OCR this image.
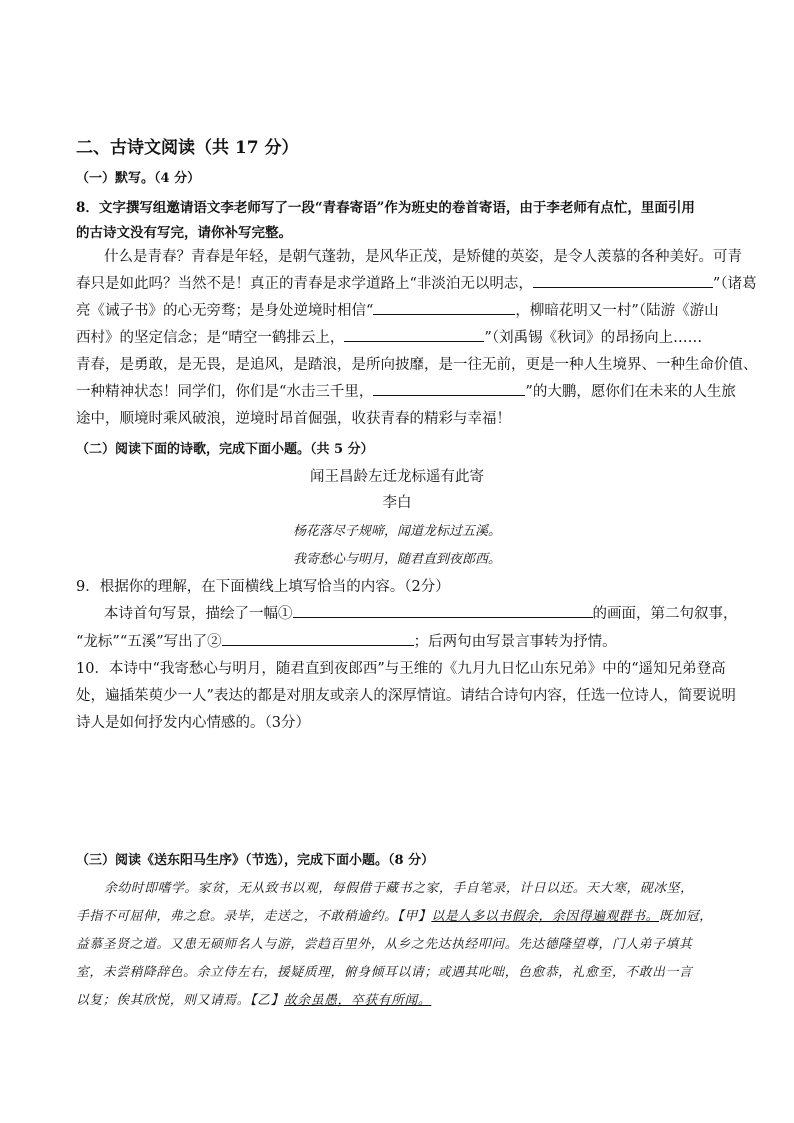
二、古诗文阅读（共 17 分）
（一）默写。（4 分）
8．文字撰写组邀请语文李老师写了一段“青春寄语”作为班史的卷首寄语，由于李老师有点忙，里面引用
的古诗文没有写完，请你补写完整。
什么是青春？青春是年轻，是朝气蓬勃，是风华正茂，是矫健的英姿，是令人羡慕的各种美好。可青
春只是如此吗？当然不是！真正的青春是求学道路上“非淡泊无以明志，	”（诸葛
亮《诫子书》的心无旁骛；是身处逆境时相信“	，柳暗花明又一村”（陆游《游山
西村》的坚定信念；是“晴空一鹤排云上，	”（刘禹锡《秋词》的昂扬向上……
青春，是勇敢，是无畏，是追风，是踏浪，是所向披靡，是一往无前，更是一种人生境界、一种生命价值、
一种精神状态！同学们，你们是“水击三千里，	”的大鹏，愿你们在未来的人生旅
途中，顺境时乘风破浪，逆境时昂首倔强，收获青春的精彩与幸福！
（二）阅读下面的诗歌，完成下面小题。（共 5 分）
闻王昌龄左迁龙标遥有此寄
李白
杨花落尽子规啼，闻道龙标过五溪。
我寄愁心与明月，随君直到夜郎西。
9．根据你的理解，在下面横线上填写恰当的内容。（2分）
本诗首句写景，描绘了一幅①	的画面，第二句叙事，
“龙标”“五溪”写出了②	；后两句由写景言事转为抒情。
10．本诗中“我寄愁心与明月，随君直到夜郎西”与王维的《九月九日忆山东兄弟》中的“遥知兄弟登高
处，遍插茱萸少一人”表达的都是对朋友或亲人的深厚情谊。请结合诗句内容，任选一位诗人，简要说明
诗人是如何抒发内心情感的。（3分）
（三）阅读《送东阳马生序》（节选），完成下面小题。（8 分）
余幼时即嗜学。家贫，无从致书以观，每假借于藏书之家，手自笔录，计日以还。天大寒，砚冰坚，
手指不可屈伸，弗之怠。录毕，走送之，不敢稍逾约。【甲】以是人多以书假余，余因得遍观群书。既加冠，
益慕圣贤之道。又患无硕师名人与游，尝趋百里外，从乡之先达执经叩问。先达德隆望尊，门人弟子填其
室，未尝稍降辞色。余立侍左右，援疑质理，俯身倾耳以请；或遇其叱咄，色愈恭，礼愈至，不敢出一言
以复；俟其欣悦，则又请焉。【乙】故余虽愚，卒获有所闻。
